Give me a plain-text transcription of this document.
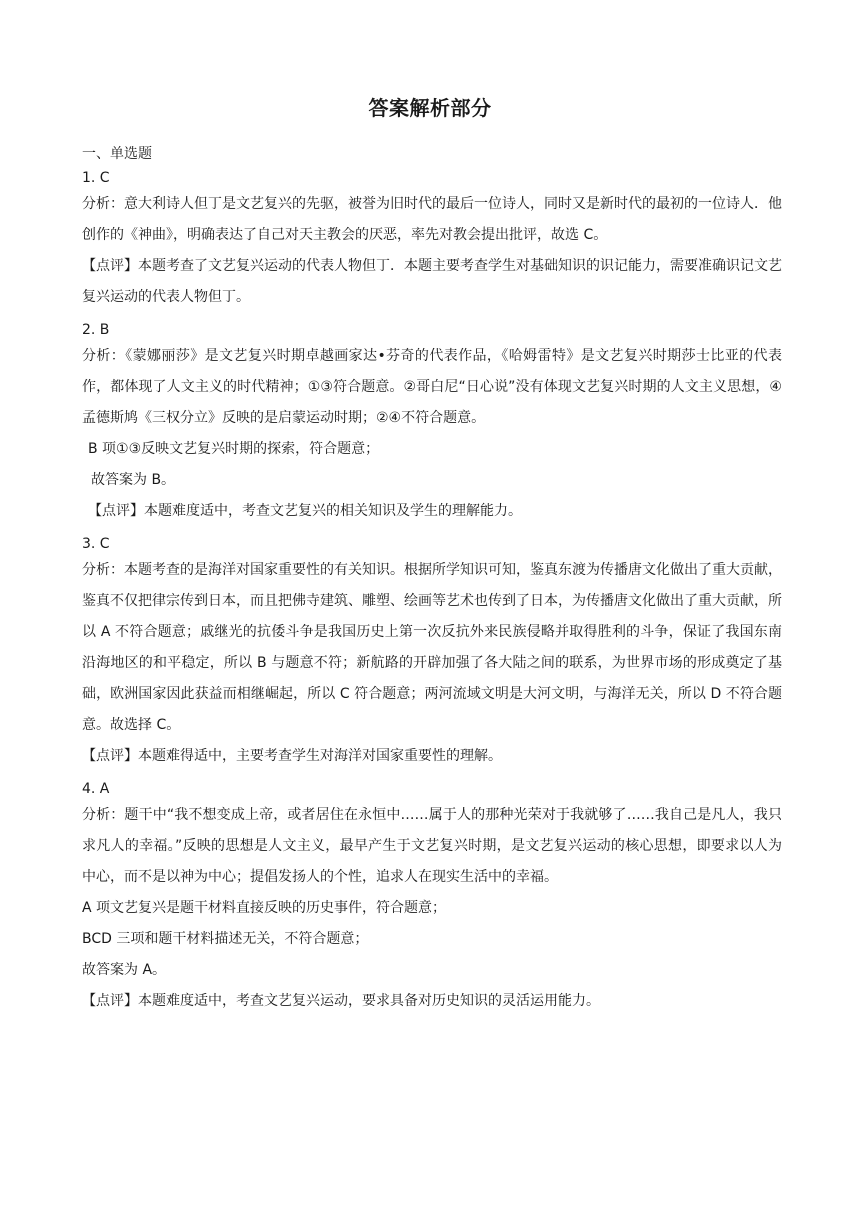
答案解析部分
一、单选题
1. C

分析：意大利诗人但丁是文艺复兴的先驱，被誉为旧时代的最后一位诗人，同时又是新时代的最初的一位诗人．他创作的《神曲》，明确表达了自己对天主教会的厌恶，率先对教会提出批评，故选 C。

【点评】本题考查了文艺复兴运动的代表人物但丁．本题主要考查学生对基础知识的识记能力，需要准确识记文艺复兴运动的代表人物但丁。

2. B

分析：《蒙娜丽莎》是文艺复兴时期卓越画家达•芬奇的代表作品，《哈姆雷特》是文艺复兴时期莎士比亚的代表作，都体现了人文主义的时代精神；①③符合题意。②哥白尼“日心说”没有体现文艺复兴时期的人文主义思想，④孟德斯鸠《三权分立》反映的是启蒙运动时期；②④不符合题意。

B 项①③反映文艺复兴时期的探索，符合题意；

故答案为 B。

【点评】本题难度适中，考查文艺复兴的相关知识及学生的理解能力。

3. C

分析：本题考查的是海洋对国家重要性的有关知识。根据所学知识可知，鉴真东渡为传播唐文化做出了重大贡献，鉴真不仅把律宗传到日本，而且把佛寺建筑、雕塑、绘画等艺术也传到了日本，为传播唐文化做出了重大贡献，所以 A 不符合题意；戚继光的抗倭斗争是我国历史上第一次反抗外来民族侵略并取得胜利的斗争，保证了我国东南沿海地区的和平稳定，所以 B 与题意不符；新航路的开辟加强了各大陆之间的联系，为世界市场的形成奠定了基础，欧洲国家因此获益而相继崛起，所以 C 符合题意；两河流域文明是大河文明，与海洋无关，所以 D 不符合题意。故选择 C。

【点评】本题难得适中，主要考查学生对海洋对国家重要性的理解。

4. A

分析：题干中“我不想变成上帝，或者居住在永恒中……属于人的那种光荣对于我就够了……我自己是凡人，我只求凡人的幸福。”反映的思想是人文主义，最早产生于文艺复兴时期，是文艺复兴运动的核心思想，即要求以人为中心，而不是以神为中心；提倡发扬人的个性，追求人在现实生活中的幸福。

A 项文艺复兴是题干材料直接反映的历史事件，符合题意；

BCD 三项和题干材料描述无关，不符合题意；

故答案为 A。

【点评】本题难度适中，考查文艺复兴运动，要求具备对历史知识的灵活运用能力。
